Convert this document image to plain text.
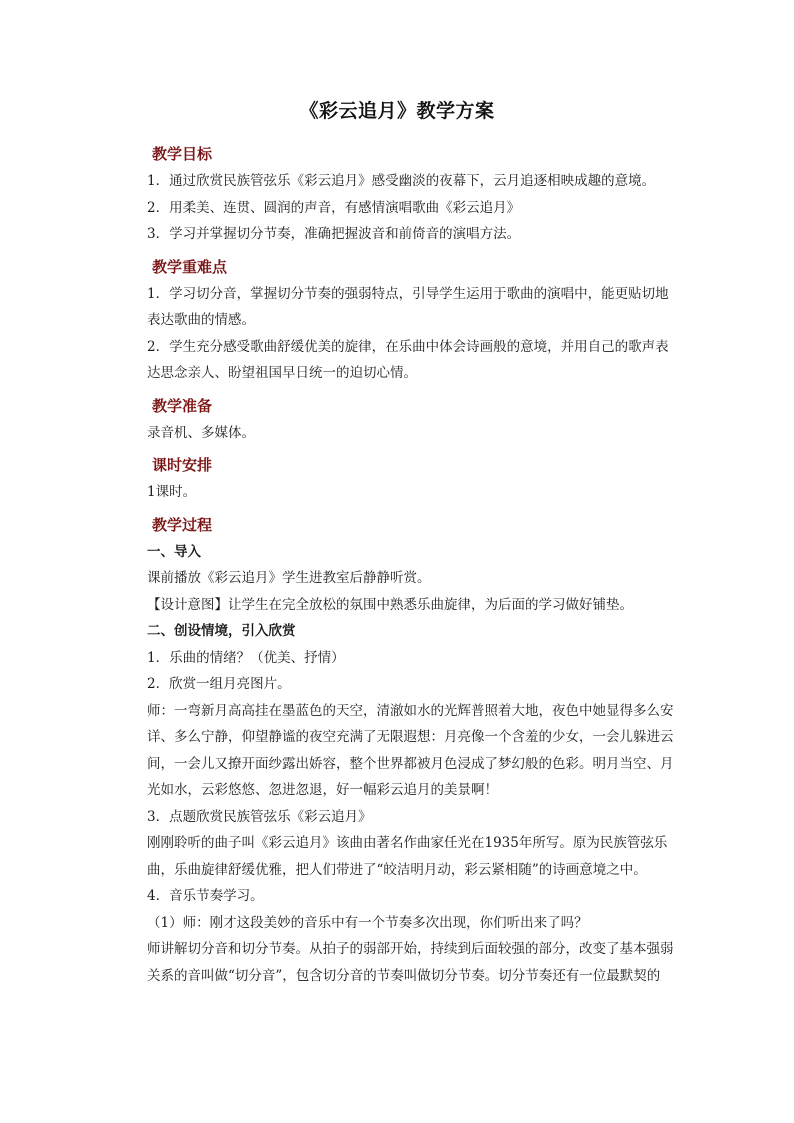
《彩云追月》教学方案
教学目标
1．通过欣赏民族管弦乐《彩云追月》感受幽淡的夜幕下，云月追逐相映成趣的意境。
2．用柔美、连贯、圆润的声音，有感情演唱歌曲《彩云追月》
3．学习并掌握切分节奏，准确把握波音和前倚音的演唱方法。
教学重难点
1．学习切分音，掌握切分节奏的强弱特点，引导学生运用于歌曲的演唱中，能更贴切地表达歌曲的情感。
2．学生充分感受歌曲舒缓优美的旋律，在乐曲中体会诗画般的意境，并用自己的歌声表达思念亲人、盼望祖国早日统一的迫切心情。
教学准备
录音机、多媒体。
课时安排
1课时。
教学过程
一、导入
课前播放《彩云追月》学生进教室后静静听赏。
【设计意图】让学生在完全放松的氛围中熟悉乐曲旋律，为后面的学习做好铺垫。
二、创设情境，引入欣赏
1．乐曲的情绪？（优美、抒情）
2．欣赏一组月亮图片。
师：一弯新月高高挂在墨蓝色的天空，清澈如水的光辉普照着大地，夜色中她显得多么安详、多么宁静，仰望静谧的夜空充满了无限遐想：月亮像一个含羞的少女，一会儿躲进云间，一会儿又撩开面纱露出娇容，整个世界都被月色浸成了梦幻般的色彩。明月当空、月光如水，云彩悠悠、忽进忽退，好一幅彩云追月的美景啊！
3．点题欣赏民族管弦乐《彩云追月》
刚刚聆听的曲子叫《彩云追月》该曲由著名作曲家任光在1935年所写。原为民族管弦乐曲，乐曲旋律舒缓优雅，把人们带进了“皎洁明月动，彩云紧相随”的诗画意境之中。
4．音乐节奏学习。
（1）师：刚才这段美妙的音乐中有一个节奏多次出现，你们听出来了吗？
师讲解切分音和切分节奏。从拍子的弱部开始，持续到后面较强的部分，改变了基本强弱关系的音叫做“切分音”，包含切分音的节奏叫做切分节奏。切分节奏还有一位最默契的
